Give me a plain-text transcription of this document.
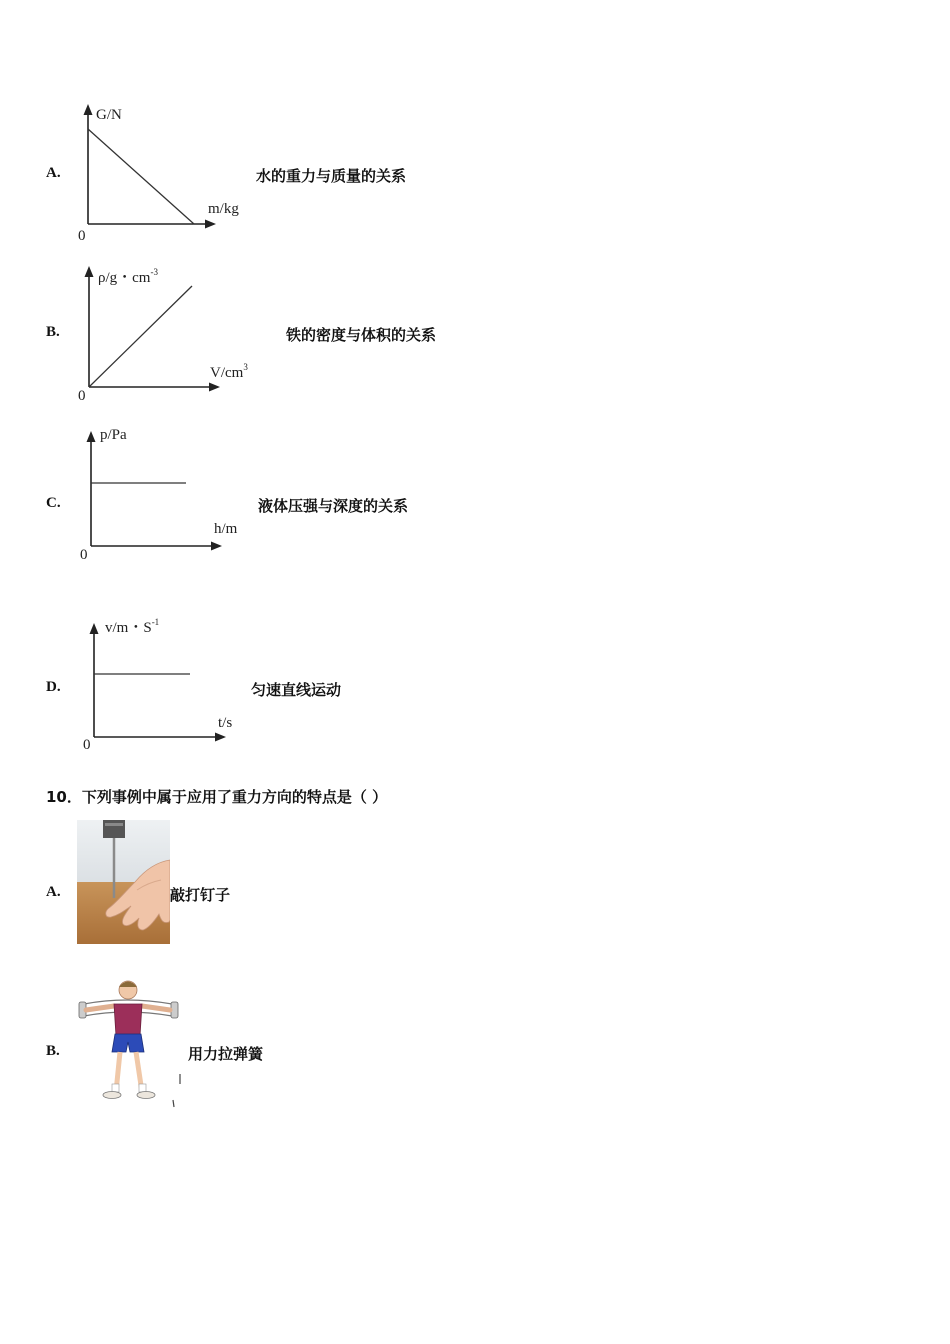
A.
G/N
m/kg
0
水的重力与质量的关系
B.
ρ/g・$cm^{-3}$
$V/cm^3$
0
铁的密度与体积的关系
C.
p/Pa
h/m
0
液体压强与深度的关系
D.
v/m・$S^{-1}$
t/s
0
匀速直线运动
10．下列事例中属于应用了重力方向的特点是（ ）
A.	敲打钉子
B.	用力拉弹簧
